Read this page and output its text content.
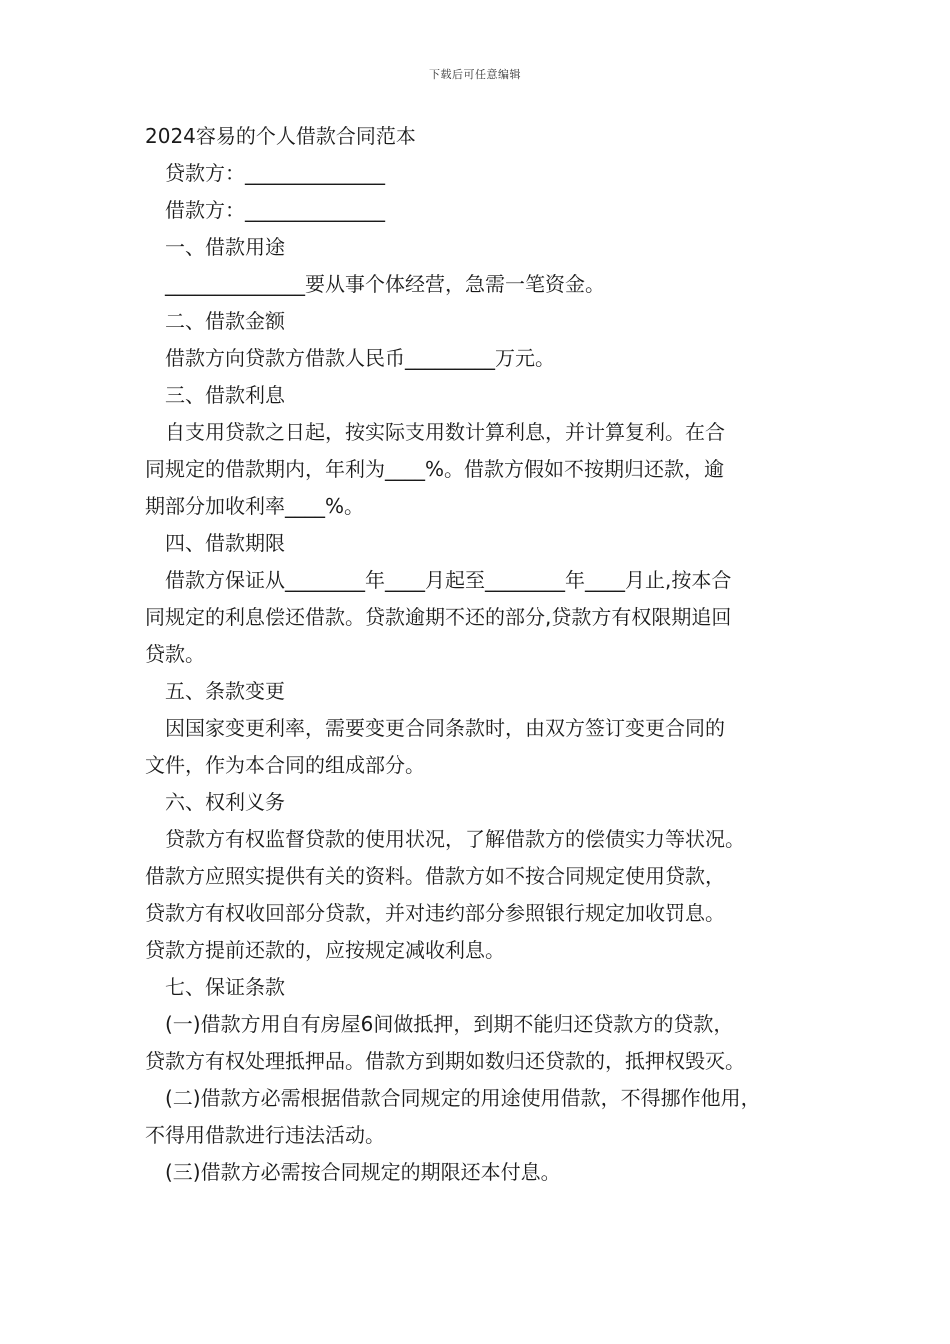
下载后可任意编辑
2024容易的个人借款合同范本
贷款方：______________
借款方：______________
一、借款用途
______________要从事个体经营，急需一笔资金。
二、借款金额
借款方向贷款方借款人民币_________万元。
三、借款利息
自支用贷款之日起，按实际支用数计算利息，并计算复利。在合
同规定的借款期内，年利为____%。借款方假如不按期归还款，逾
期部分加收利率____%。
四、借款期限
借款方保证从________年____月起至________年____月止,按本合
同规定的利息偿还借款。贷款逾期不还的部分,贷款方有权限期追回
贷款。
五、条款变更
因国家变更利率，需要变更合同条款时，由双方签订变更合同的
文件，作为本合同的组成部分。
六、权利义务
贷款方有权监督贷款的使用状况，了解借款方的偿债实力等状况。
借款方应照实提供有关的资料。借款方如不按合同规定使用贷款，
贷款方有权收回部分贷款，并对违约部分参照银行规定加收罚息。
贷款方提前还款的，应按规定减收利息。
七、保证条款
(一)借款方用自有房屋6间做抵押，到期不能归还贷款方的贷款，
贷款方有权处理抵押品。借款方到期如数归还贷款的，抵押权毁灭。
(二)借款方必需根据借款合同规定的用途使用借款，不得挪作他用，
不得用借款进行违法活动。
(三)借款方必需按合同规定的期限还本付息。
